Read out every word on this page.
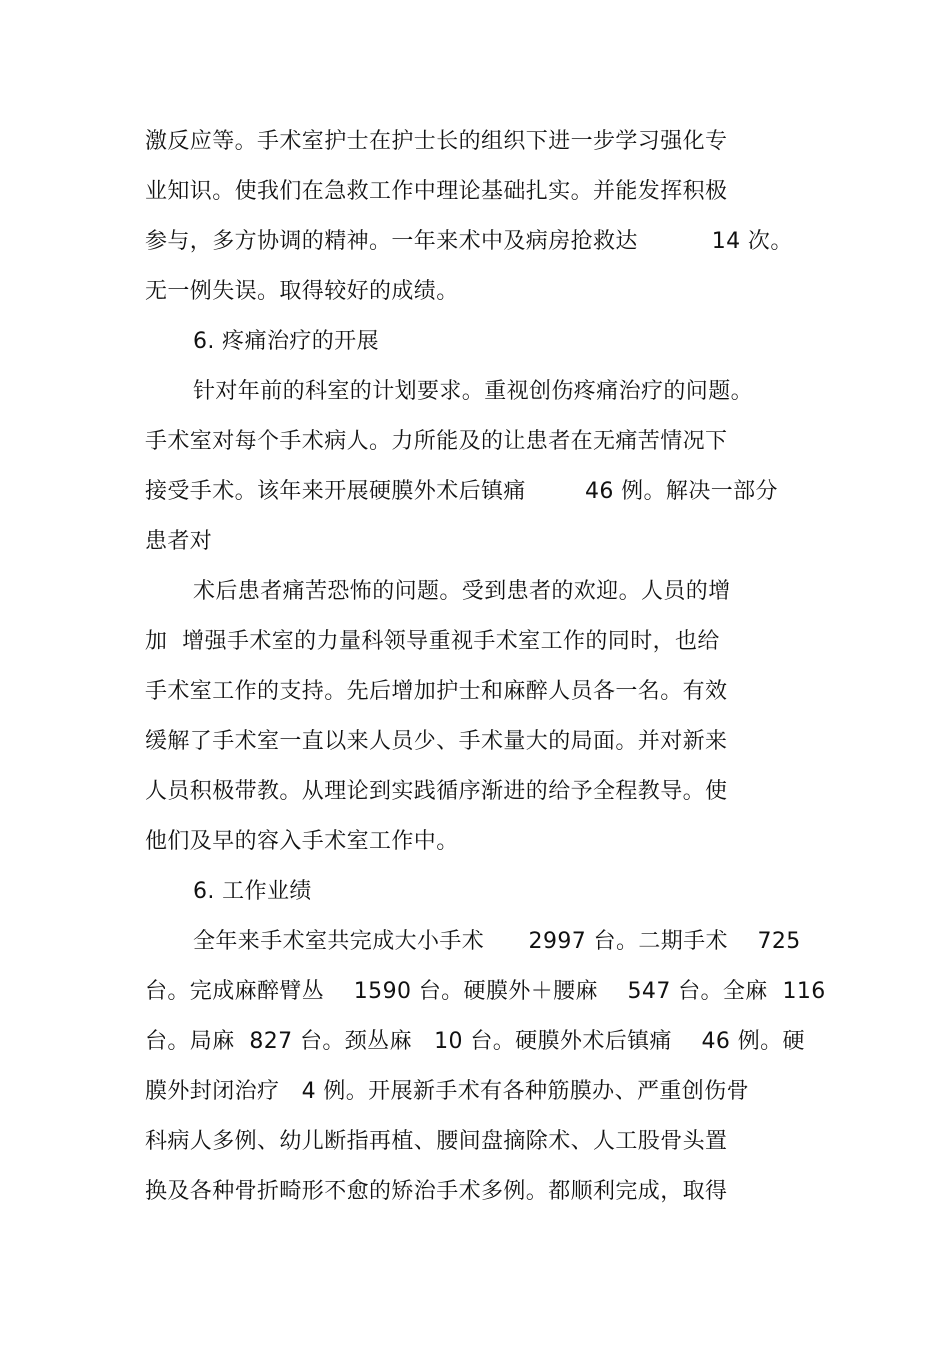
激反应等。手术室护士在护士长的组织下进一步学习强化专
业知识。使我们在急救工作中理论基础扎实。并能发挥积极
参与，多方协调的精神。一年来术中及病房抢救达          14 次。
无一例失误。取得较好的成绩。
6. 疼痛治疗的开展
针对年前的科室的计划要求。重视创伤疼痛治疗的问题。
手术室对每个手术病人。力所能及的让患者在无痛苦情况下
接受手术。该年来开展硬膜外术后镇痛        46 例。解决一部分
患者对
术后患者痛苦恐怖的问题。受到患者的欢迎。人员的增
加  增强手术室的力量科领导重视手术室工作的同时，也给
手术室工作的支持。先后增加护士和麻醉人员各一名。有效
缓解了手术室一直以来人员少、手术量大的局面。并对新来
人员积极带教。从理论到实践循序渐进的给予全程教导。使
他们及早的容入手术室工作中。
6. 工作业绩
全年来手术室共完成大小手术      2997 台。二期手术    725
台。完成麻醉臂丛    1590 台。硬膜外＋腰麻    547 台。全麻  116
台。局麻  827 台。颈丛麻   10 台。硬膜外术后镇痛    46 例。硬
膜外封闭治疗   4 例。开展新手术有各种筋膜办、严重创伤骨
科病人多例、幼儿断指再植、腰间盘摘除术、人工股骨头置
换及各种骨折畸形不愈的矫治手术多例。都顺利完成，取得
